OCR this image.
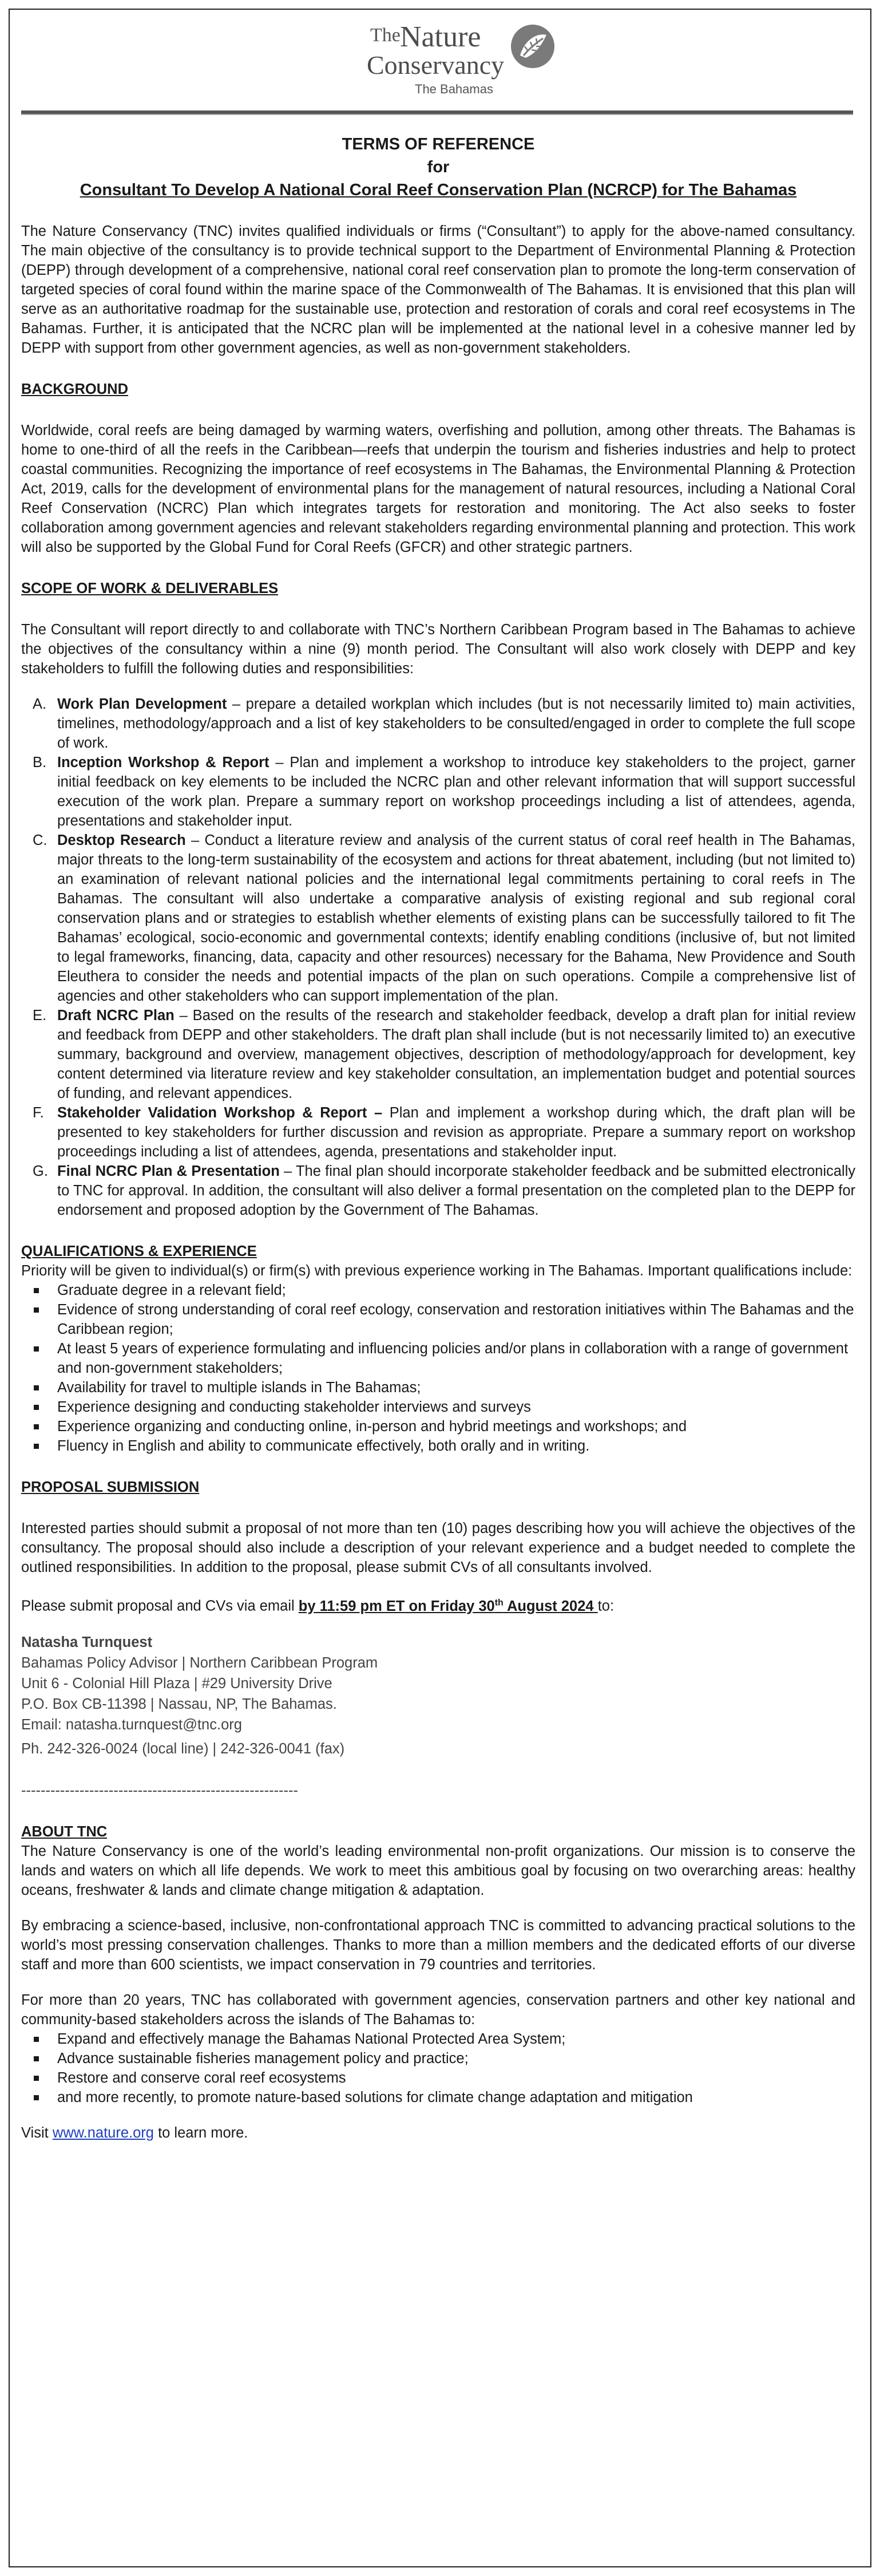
The Nature
Conservancy
The Bahamas
TERMS OF REFERENCE
for
Consultant To Develop A National Coral Reef Conservation Plan (NCRCP) for The Bahamas

The Nature Conservancy (TNC) invites qualified individuals or firms (“Consultant”) to apply for the above-named consultancy. The main objective of the consultancy is to provide technical support to the Department of Environmental Planning & Protection (DEPP) through development of a comprehensive, national coral reef conservation plan to promote the long-term conservation of targeted species of coral found within the marine space of the Commonwealth of The Bahamas. It is envisioned that this plan will serve as an authoritative roadmap for the sustainable use, protection and restoration of corals and coral reef ecosystems in The Bahamas. Further, it is anticipated that the NCRC plan will be implemented at the national level in a cohesive manner led by DEPP with support from other government agencies, as well as non-government stakeholders.

BACKGROUND

Worldwide, coral reefs are being damaged by warming waters, overfishing and pollution, among other threats. The Bahamas is home to one-third of all the reefs in the Caribbean—reefs that underpin the tourism and fisheries industries and help to protect coastal communities. Recognizing the importance of reef ecosystems in The Bahamas, the Environmental Planning & Protection Act, 2019, calls for the development of environmental plans for the management of natural resources, including a National Coral Reef Conservation (NCRC) Plan which integrates targets for restoration and monitoring. The Act also seeks to foster collaboration among government agencies and relevant stakeholders regarding environmental planning and protection. This work will also be supported by the Global Fund for Coral Reefs (GFCR) and other strategic partners.

SCOPE OF WORK & DELIVERABLES

The Consultant will report directly to and collaborate with TNC’s Northern Caribbean Program based in The Bahamas to achieve the objectives of the consultancy within a nine (9) month period. The Consultant will also work closely with DEPP and key stakeholders to fulfill the following duties and responsibilities:

A. Work Plan Development – prepare a detailed workplan which includes (but is not necessarily limited to) main activities, timelines, methodology/approach and a list of key stakeholders to be consulted/engaged in order to complete the full scope of work.
B. Inception Workshop & Report – Plan and implement a workshop to introduce key stakeholders to the project, garner initial feedback on key elements to be included the NCRC plan and other relevant information that will support successful execution of the work plan. Prepare a summary report on workshop proceedings including a list of attendees, agenda, presentations and stakeholder input.
C. Desktop Research – Conduct a literature review and analysis of the current status of coral reef health in The Bahamas, major threats to the long-term sustainability of the ecosystem and actions for threat abatement, including (but not limited to) an examination of relevant national policies and the international legal commitments pertaining to coral reefs in The Bahamas. The consultant will also undertake a comparative analysis of existing regional and sub regional coral conservation plans and or strategies to establish whether elements of existing plans can be successfully tailored to fit The Bahamas’ ecological, socio-economic and governmental contexts; identify enabling conditions (inclusive of, but not limited to legal frameworks, financing, data, capacity and other resources) necessary for the Bahama, New Providence and South Eleuthera to consider the needs and potential impacts of the plan on such operations. Compile a comprehensive list of agencies and other stakeholders who can support implementation of the plan.
E. Draft NCRC Plan – Based on the results of the research and stakeholder feedback, develop a draft plan for initial review and feedback from DEPP and other stakeholders. The draft plan shall include (but is not necessarily limited to) an executive summary, background and overview, management objectives, description of methodology/approach for development, key content determined via literature review and key stakeholder consultation, an implementation budget and potential sources of funding, and relevant appendices.
F. Stakeholder Validation Workshop & Report – Plan and implement a workshop during which, the draft plan will be presented to key stakeholders for further discussion and revision as appropriate. Prepare a summary report on workshop proceedings including a list of attendees, agenda, presentations and stakeholder input.
G. Final NCRC Plan & Presentation – The final plan should incorporate stakeholder feedback and be submitted electronically to TNC for approval. In addition, the consultant will also deliver a formal presentation on the completed plan to the DEPP for endorsement and proposed adoption by the Government of The Bahamas.
QUALIFICATIONS & EXPERIENCE

Priority will be given to individual(s) or firm(s) with previous experience working in The Bahamas. Important qualifications include:

Graduate degree in a relevant field;
Evidence of strong understanding of coral reef ecology, conservation and restoration initiatives within The Bahamas and the Caribbean region;
At least 5 years of experience formulating and influencing policies and/or plans in collaboration with a range of government and non-government stakeholders;
Availability for travel to multiple islands in The Bahamas;
Experience designing and conducting stakeholder interviews and surveys
Experience organizing and conducting online, in-person and hybrid meetings and workshops; and
Fluency in English and ability to communicate effectively, both orally and in writing.
PROPOSAL SUBMISSION

Interested parties should submit a proposal of not more than ten (10) pages describing how you will achieve the objectives of the consultancy. The proposal should also include a description of your relevant experience and a budget needed to complete the outlined responsibilities. In addition to the proposal, please submit CVs of all consultants involved.

Please submit proposal and CVs via email by 11:59 pm ET on Friday 30th August 2024 to:

Natasha Turnquest
Bahamas Policy Advisor | Northern Caribbean Program
Unit 6 - Colonial Hill Plaza | #29 University Drive
P.O. Box CB-11398 | Nassau, NP, The Bahamas.
Email: natasha.turnquest@tnc.org
Ph. 242-326-0024 (local line) | 242-326-0041 (fax)
---------------------------------------------------------
ABOUT TNC

The Nature Conservancy is one of the world’s leading environmental non-profit organizations. Our mission is to conserve the lands and waters on which all life depends. We work to meet this ambitious goal by focusing on two overarching areas: healthy oceans, freshwater & lands and climate change mitigation & adaptation.

By embracing a science-based, inclusive, non-confrontational approach TNC is committed to advancing practical solutions to the world’s most pressing conservation challenges. Thanks to more than a million members and the dedicated efforts of our diverse staff and more than 600 scientists, we impact conservation in 79 countries and territories.

For more than 20 years, TNC has collaborated with government agencies, conservation partners and other key national and community-based stakeholders across the islands of The Bahamas to:

Expand and effectively manage the Bahamas National Protected Area System;
Advance sustainable fisheries management policy and practice;
Restore and conserve coral reef ecosystems
and more recently, to promote nature-based solutions for climate change adaptation and mitigation

Visit www.nature.org to learn more.
